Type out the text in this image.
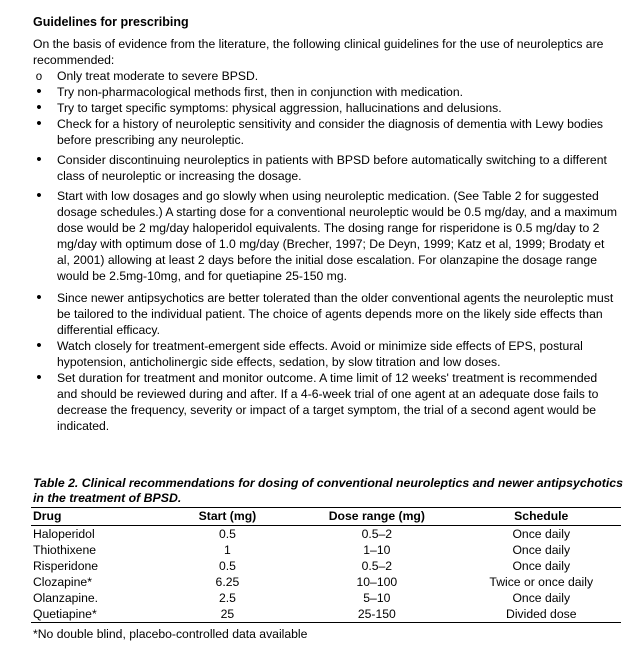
Guidelines for prescribing
On the basis of evidence from the literature, the following clinical guidelines for the use of neuroleptics are recommended:
o
Only treat moderate to severe BPSD.
•
Try non-pharmacological methods first, then in conjunction with medication.
•
Try to target specific symptoms: physical aggression, hallucinations and delusions.
•
Check for a history of neuroleptic sensitivity and consider the diagnosis of dementia with Lewy bodies before prescribing any neuroleptic.
•
Consider discontinuing neuroleptics in patients with BPSD before automatically switching to a different class of neuroleptic or increasing the dosage.
•
Start with low dosages and go slowly when using neuroleptic medication. (See Table 2 for suggested dosage schedules.) A starting dose for a conventional neuroleptic would be 0.5 mg/day, and a maximum dose would be 2 mg/day haloperidol equivalents. The dosing range for risperidone is 0.5 mg/day to 2 mg/day with optimum dose of 1.0 mg/day (Brecher, 1997; De Deyn, 1999; Katz et al, 1999; Brodaty et al, 2001) allowing at least 2 days before the initial dose escalation. For olanzapine the dosage range would be 2.5mg-10mg, and for quetiapine 25-150 mg.
•
Since newer antipsychotics are better tolerated than the older conventional agents the neuroleptic must be tailored to the individual patient. The choice of agents depends more on the likely side effects than differential efficacy.
•
Watch closely for treatment-emergent side effects. Avoid or minimize side effects of EPS, postural hypotension, anticholinergic side effects, sedation, by slow titration and low doses.
•
Set duration for treatment and monitor outcome. A time limit of 12 weeks' treatment is recommended and should be reviewed during and after. If a 4-6-week trial of one agent at an adequate dose fails to decrease the frequency, severity or impact of a target symptom, the trial of a second agent would be indicated.
Table 2. Clinical recommendations for dosing of conventional neuroleptics and newer antipsychotics in the treatment of BPSD.
Drug	Start (mg)	Dose range (mg)	Schedule
Haloperidol	0.5	0.5–2	Once daily
Thiothixene	1	1–10	Once daily
Risperidone	0.5	0.5–2	Once daily
Clozapine*	6.25	10–100	Twice or once daily
Olanzapine.	2.5	5–10	Once daily
Quetiapine*	25	25-150	Divided dose
*No double blind, placebo-controlled data available
